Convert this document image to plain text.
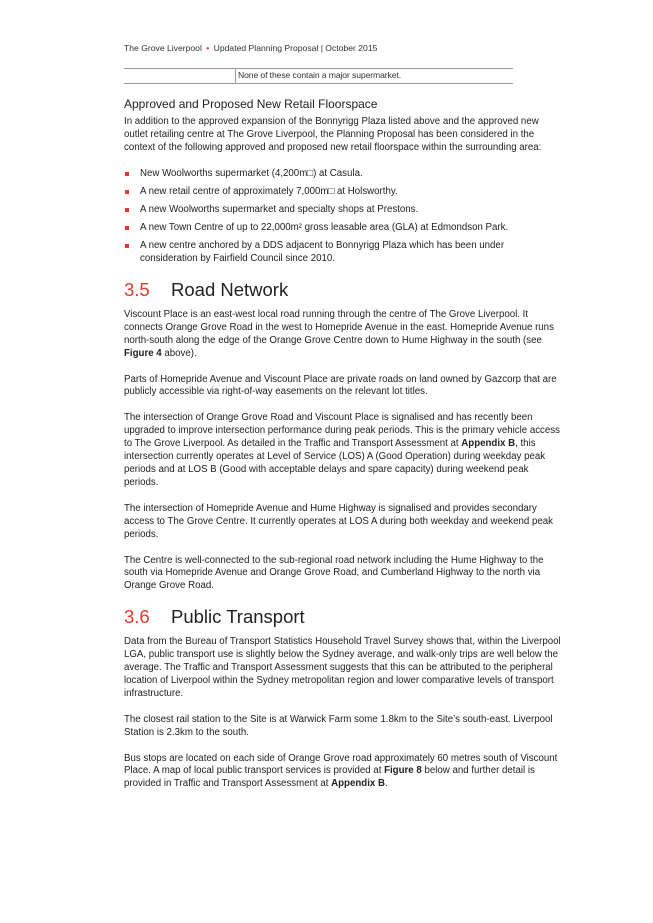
The Grove Liverpool • Updated Planning Proposal | October 2015
None of these contain a major supermarket.
Approved and Proposed New Retail Floorspace

In addition to the approved expansion of the Bonnyrigg Plaza listed above and the approved new outlet retailing centre at The Grove Liverpool, the Planning Proposal has been considered in the context of the following approved and proposed new retail floorspace within the surrounding area:

New Woolworths supermarket (4,200m□) at Casula.
A new retail centre of approximately 7,000m□ at Holsworthy.
A new Woolworths supermarket and specialty shops at Prestons.
A new Town Centre of up to 22,000m² gross leasable area (GLA) at Edmondson Park.
A new centre anchored by a DDS adjacent to Bonnyrigg Plaza which has been under consideration by Fairfield Council since 2010.
3.5	Road Network

Viscount Place is an east-west local road running through the centre of The Grove Liverpool. It connects Orange Grove Road in the west to Homepride Avenue in the east. Homepride Avenue runs north-south along the edge of the Orange Grove Centre down to Hume Highway in the south (see Figure 4 above).

Parts of Homepride Avenue and Viscount Place are private roads on land owned by Gazcorp that are publicly accessible via right-of-way easements on the relevant lot titles.

The intersection of Orange Grove Road and Viscount Place is signalised and has recently been upgraded to improve intersection performance during peak periods. This is the primary vehicle access to The Grove Liverpool. As detailed in the Traffic and Transport Assessment at Appendix B, this intersection currently operates at Level of Service (LOS) A (Good Operation) during weekday peak periods and at LOS B (Good with acceptable delays and spare capacity) during weekend peak periods.

The intersection of Homepride Avenue and Hume Highway is signalised and provides secondary access to The Grove Centre. It currently operates at LOS A during both weekday and weekend peak periods.

The Centre is well-connected to the sub-regional road network including the Hume Highway to the south via Homepride Avenue and Orange Grove Road, and Cumberland Highway to the north via Orange Grove Road.

3.6	Public Transport

Data from the Bureau of Transport Statistics Household Travel Survey shows that, within the Liverpool LGA, public transport use is slightly below the Sydney average, and walk-only trips are well below the average. The Traffic and Transport Assessment suggests that this can be attributed to the peripheral location of Liverpool within the Sydney metropolitan region and lower comparative levels of transport infrastructure.

The closest rail station to the Site is at Warwick Farm some 1.8km to the Site’s south-east. Liverpool Station is 2.3km to the south.

Bus stops are located on each side of Orange Grove road approximately 60 metres south of Viscount Place. A map of local public transport services is provided at Figure 8 below and further detail is provided in Traffic and Transport Assessment at Appendix B.
